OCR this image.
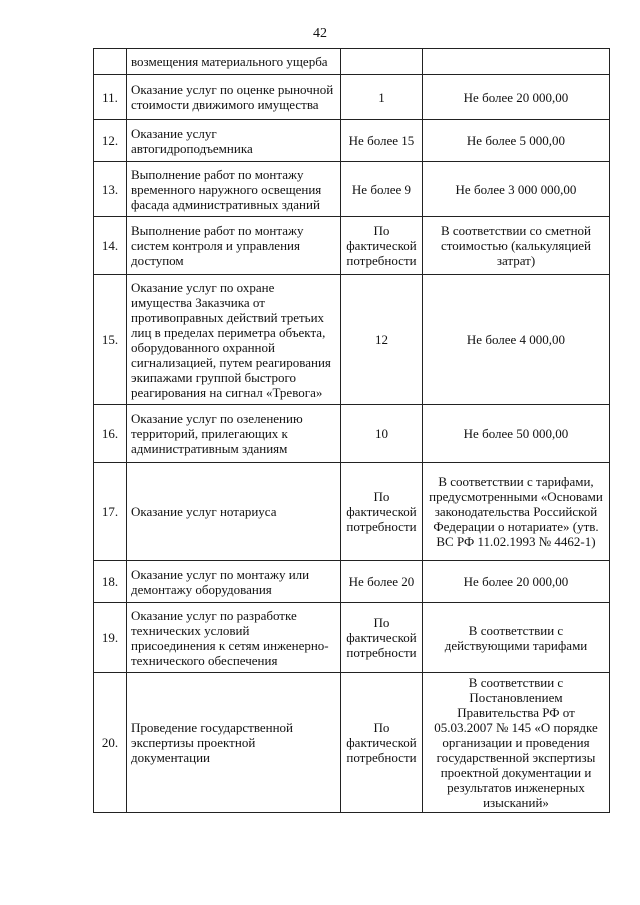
42
	возмещения материального ущерба		
11.	Оказание услуг по оценке рыночной стоимости движимого имущества	1	Не более 20 000,00
12.	Оказание услуг автогидроподъемника	Не более 15	Не более 5 000,00
13.	Выполнение работ по монтажу временного наружного освещения фасада административных зданий	Не более 9	Не более 3 000 000,00
14.	Выполнение работ по монтажу систем контроля и управления доступом	По фактической потребности	В соответствии со сметной стоимостью (калькуляцией затрат)
15.	Оказание услуг по охране имущества Заказчика от противоправных действий третьих лиц в пределах периметра объекта, оборудованного охранной сигнализацией, путем реагирования экипажами группой быстрого реагирования на сигнал «Тревога»	12	Не более 4 000,00
16.	Оказание услуг по озеленению территорий, прилегающих к административным зданиям	10	Не более 50 000,00
17.	Оказание услуг нотариуса	По фактической потребности	В соответствии с тарифами, предусмотренными «Основами законодательства Российской Федерации о нотариате» (утв. ВС РФ 11.02.1993 № 4462-1)
18.	Оказание услуг по монтажу или демонтажу оборудования	Не более 20	Не более 20 000,00
19.	Оказание услуг по разработке технических условий присоединения к сетям инженерно-технического обеспечения	По фактической потребности	В соответствии с действующими тарифами
20.	Проведение государственной экспертизы проектной документации	По фактической потребности	В соответствии с Постановлением Правительства РФ от 05.03.2007 № 145 «О порядке организации и проведения государственной экспертизы проектной документации и результатов инженерных изысканий»
